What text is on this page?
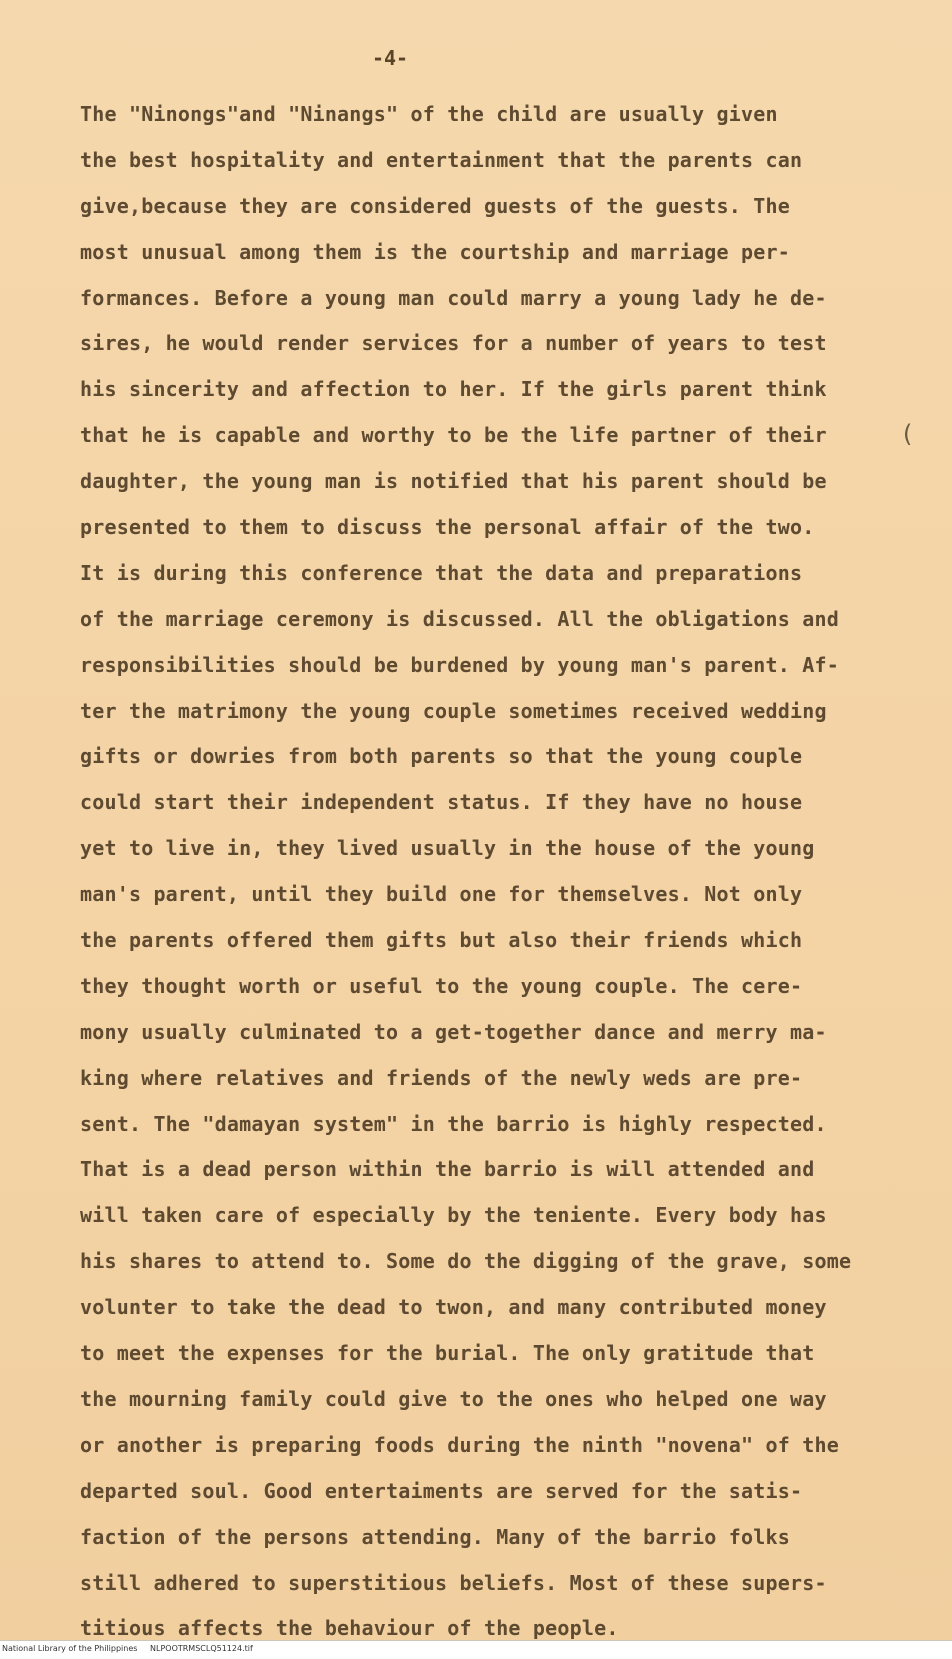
-4-
The "Ninongs"and "Ninangs" of the child are usually given
the best hospitality and entertainment that the parents can
give,because they are considered guests of the guests. The
most unusual among them is the courtship and marriage per-
formances. Before a young man could marry a young lady he de-
sires, he would render services for a number of years to test
his sincerity and affection to her. If the girls parent think
that he is capable and worthy to be the life partner of their
daughter, the young man is notified that his parent should be
presented to them to discuss the personal affair of the two.
It is during this conference that the data and preparations
of the marriage ceremony is discussed. All the obligations and
responsibilities should be burdened by young man's parent. Af-
ter the matrimony the young couple sometimes received wedding
gifts or dowries from both parents so that the young couple
could start their independent status. If they have no house
yet to live in, they lived usually in the house of the young
man's parent, until they build one for themselves. Not only
the parents offered them gifts but also their friends which
they thought worth or useful to the young couple. The cere-
mony usually culminated to a get-together dance and merry ma-
king where relatives and friends of the newly weds are pre-
sent. The "damayan system" in the barrio is highly respected.
That is a dead person within the barrio is will attended and
will taken care of especially by the teniente. Every body has
his shares to attend to. Some do the digging of the grave, some
volunter to take the dead to twon, and many contributed money
to meet the expenses for the burial. The only gratitude that
the mourning family could give to the ones who helped one way
or another is preparing foods during the ninth "novena" of the
departed soul. Good entertaiments are served for the satis-
faction of the persons attending. Many of the barrio folks
still adhered to superstitious beliefs. Most of these supers-
titious affects the behaviour of the people.
(
National Library of the Philippines NLPOOTRMSCLQ51124.tif
